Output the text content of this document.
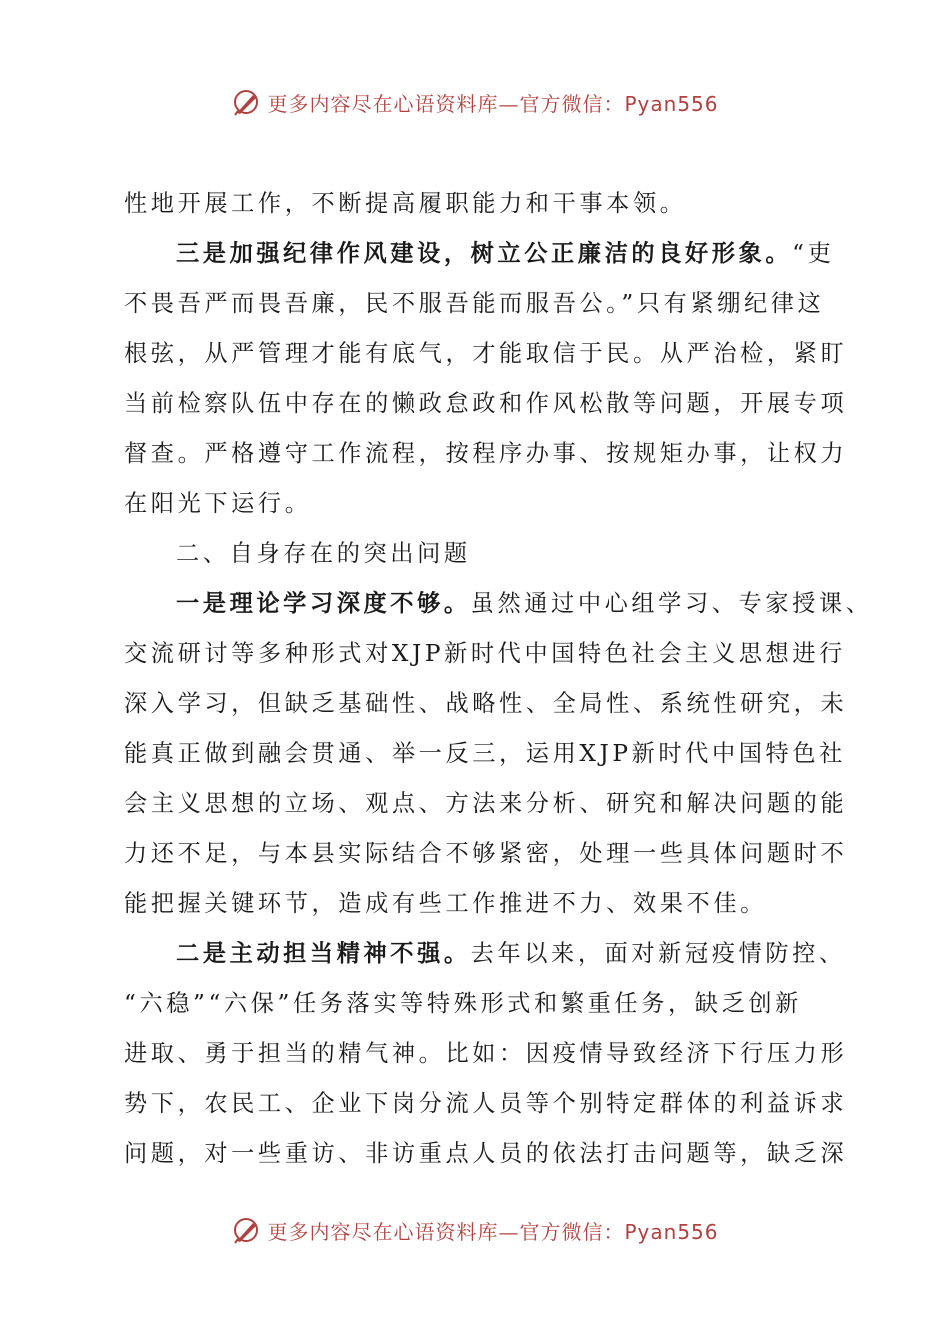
更多内容尽在心语资料库—官方微信：Pyan556
性地开展工作，不断提高履职能力和干事本领。
三是加强纪律作风建设，树立公正廉洁的良好形象。“吏
不畏吾严而畏吾廉，民不服吾能而服吾公。”只有紧绷纪律这
根弦，从严管理才能有底气，才能取信于民。从严治检，紧盯
当前检察队伍中存在的懒政怠政和作风松散等问题，开展专项
督查。严格遵守工作流程，按程序办事、按规矩办事，让权力
在阳光下运行。
二、自身存在的突出问题
一是理论学习深度不够。虽然通过中心组学习、专家授课、
交流研讨等多种形式对XJP新时代中国特色社会主义思想进行
深入学习，但缺乏基础性、战略性、全局性、系统性研究，未
能真正做到融会贯通、举一反三，运用XJP新时代中国特色社
会主义思想的立场、观点、方法来分析、研究和解决问题的能
力还不足，与本县实际结合不够紧密，处理一些具体问题时不
能把握关键环节，造成有些工作推进不力、效果不佳。
二是主动担当精神不强。去年以来，面对新冠疫情防控、
“六稳”“六保”任务落实等特殊形式和繁重任务，缺乏创新
进取、勇于担当的精气神。比如：因疫情导致经济下行压力形
势下，农民工、企业下岗分流人员等个别特定群体的利益诉求
问题，对一些重访、非访重点人员的依法打击问题等，缺乏深
更多内容尽在心语资料库—官方微信：Pyan556
